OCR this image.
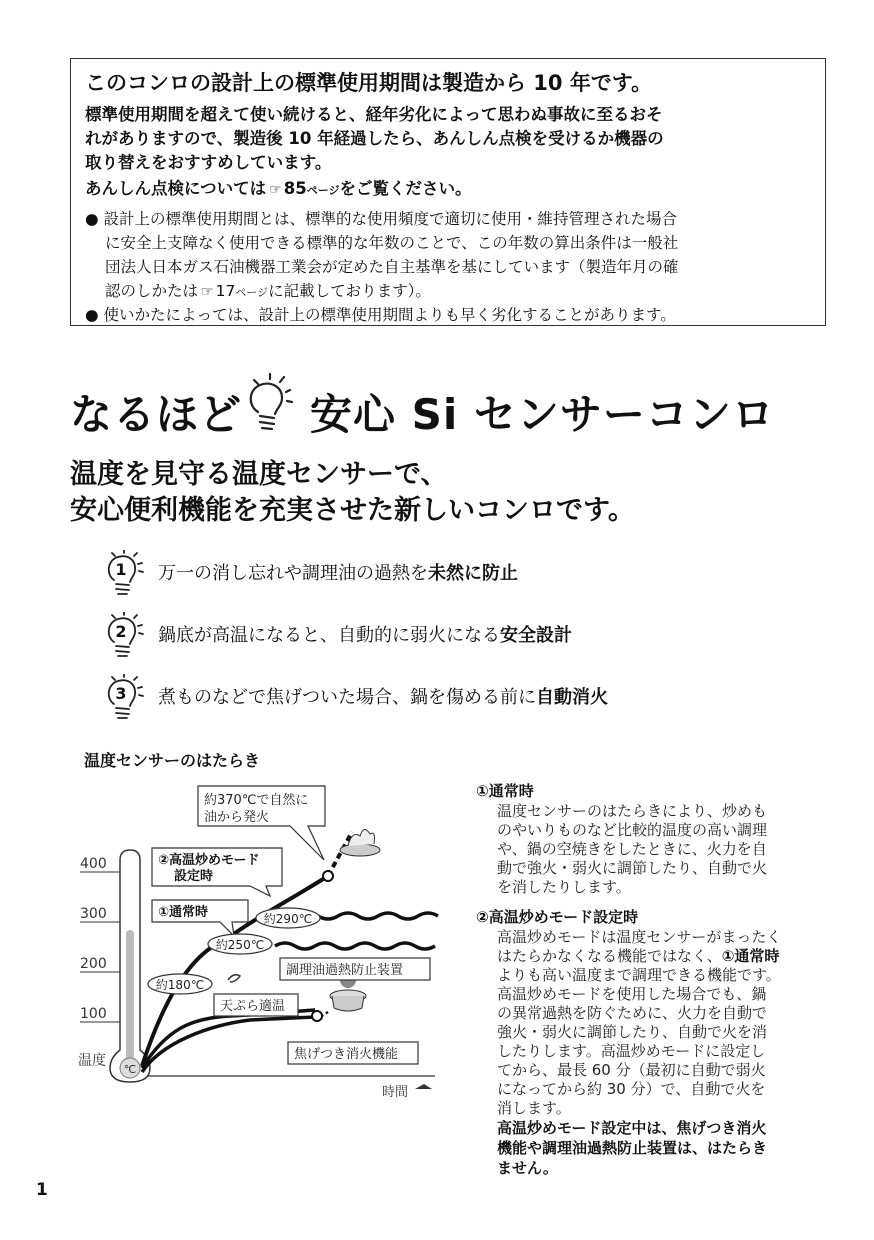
このコンロの設計上の標準使用期間は製造から 10 年です。
標準使用期間を超えて使い続けると、経年劣化によって思わぬ事故に至るおそ
れがありますので、製造後 10 年経過したら、あんしん点検を受けるか機器の
取り替えをおすすめしています。
あんしん点検については ☞ 85ページをご覧ください。
● 設計上の標準使用期間とは、標準的な使用頻度で適切に使用・維持管理された場合
に安全上支障なく使用できる標準的な年数のことで、この年数の算出条件は一般社
団法人日本ガス石油機器工業会が定めた自主基準を基にしています（製造年月の確
認のしかたは ☞ 17ページに記載しております）。
● 使いかたによっては、設計上の標準使用期間よりも早く劣化することがあります。
なるほど 安心 Si センサーコンロ
温度を見守る温度センサーで、
安心便利機能を充実させた新しいコンロです。
1 万一の消し忘れや調理油の過熱を未然に防止
2 鍋底が高温になると、自動的に弱火になる安全設計
3 煮ものなどで焦げついた場合、鍋を傷める前に自動消火
温度センサーのはたらき
400
300
200
100
℃
温度
時間
約370℃で自然に
油から発火
②高温炒めモード
設定時
①通常時	約290℃
約250℃
約180℃
調理油過熱防止装置
天ぷら適温
焦げつき消火機能
①通常時
温度センサーのはたらきにより、炒めも
のやいりものなど比較的温度の高い調理
や、鍋の空焼きをしたときに、火力を自
動で強火・弱火に調節したり、自動で火
を消したりします。
②高温炒めモード設定時
高温炒めモードは温度センサーがまったく
はたらかなくなる機能ではなく、①通常時
よりも高い温度まで調理できる機能です。
高温炒めモードを使用した場合でも、鍋
の異常過熱を防ぐために、火力を自動で
強火・弱火に調節したり、自動で火を消
したりします。高温炒めモードに設定し
てから、最長 60 分（最初に自動で弱火
になってから約 30 分）で、自動で火を
消します。
高温炒めモード設定中は、焦げつき消火
機能や調理油過熱防止装置は、はたらき
ません。
1
